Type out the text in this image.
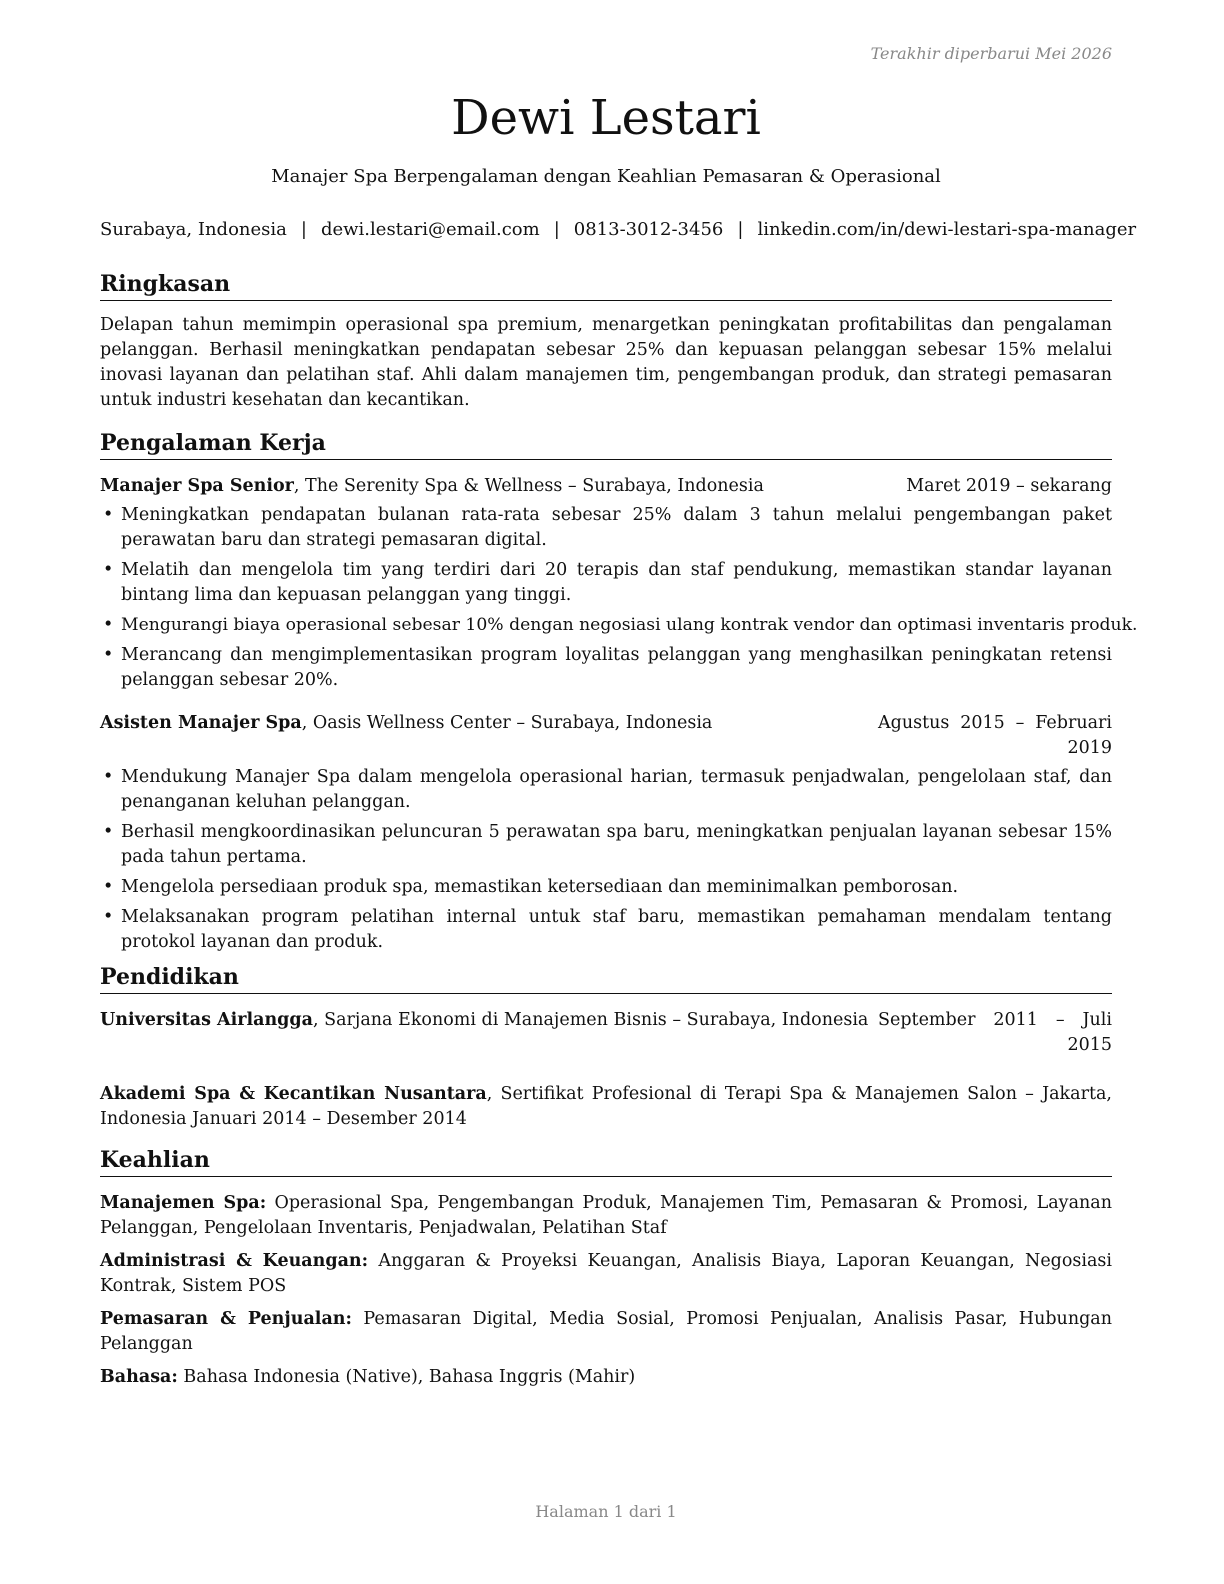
Terakhir diperbarui Mei 2026
Dewi Lestari
Manajer Spa Berpengalaman dengan Keahlian Pemasaran & Operasional
Surabaya, Indonesia | dewi.lestari@email.com | 0813-3012-3456 | linkedin.com/in/dewi-lestari-spa-manager
Ringkasan

Delapan tahun memimpin operasional spa premium, menargetkan peningkatan profitabilitas dan pengalaman pelanggan. Berhasil meningkatkan pendapatan sebesar 25% dan kepuasan pelanggan sebesar 15% melalui inovasi layanan dan pelatihan staf. Ahli dalam manajemen tim, pengembangan produk, dan strategi pemasaran untuk industri kesehatan dan kecantikan.

Pengalaman Kerja
Manajer Spa Senior, The Serenity Spa & Wellness – Surabaya, Indonesia	Maret 2019 – sekarang
• Meningkatkan pendapatan bulanan rata-rata sebesar 25% dalam 3 tahun melalui pengembangan paket perawatan baru dan strategi pemasaran digital.
• Melatih dan mengelola tim yang terdiri dari 20 terapis dan staf pendukung, memastikan standar layanan bintang lima dan kepuasan pelanggan yang tinggi.
• Mengurangi biaya operasional sebesar 10% dengan negosiasi ulang kontrak vendor dan optimasi inventaris produk.
• Merancang dan mengimplementasikan program loyalitas pelanggan yang menghasilkan peningkatan retensi pelanggan sebesar 20%.
Asisten Manajer Spa, Oasis Wellness Center – Surabaya, Indonesia	Agustus 2015 – Februari 2019
• Mendukung Manajer Spa dalam mengelola operasional harian, termasuk penjadwalan, pengelolaan staf, dan penanganan keluhan pelanggan.
• Berhasil mengkoordinasikan peluncuran 5 perawatan spa baru, meningkatkan penjualan layanan sebesar 15% pada tahun pertama.
• Mengelola persediaan produk spa, memastikan ketersediaan dan meminimalkan pemborosan.
• Melaksanakan program pelatihan internal untuk staf baru, memastikan pemahaman mendalam tentang protokol layanan dan produk.
Pendidikan
Universitas Airlangga, Sarjana Ekonomi di Manajemen Bisnis – Surabaya, Indonesia September 2011 – Juli 2015
Akademi Spa & Kecantikan Nusantara, Sertifikat Profesional di Terapi Spa & Manajemen Salon – Jakarta, Indonesia Januari 2014 – Desember 2014
Keahlian

Manajemen Spa: Operasional Spa, Pengembangan Produk, Manajemen Tim, Pemasaran & Promosi, Layanan Pelanggan, Pengelolaan Inventaris, Penjadwalan, Pelatihan Staf

Administrasi & Keuangan: Anggaran & Proyeksi Keuangan, Analisis Biaya, Laporan Keuangan, Negosiasi Kontrak, Sistem POS

Pemasaran & Penjualan: Pemasaran Digital, Media Sosial, Promosi Penjualan, Analisis Pasar, Hubungan Pelanggan

Bahasa: Bahasa Indonesia (Native), Bahasa Inggris (Mahir)

Halaman 1 dari 1
